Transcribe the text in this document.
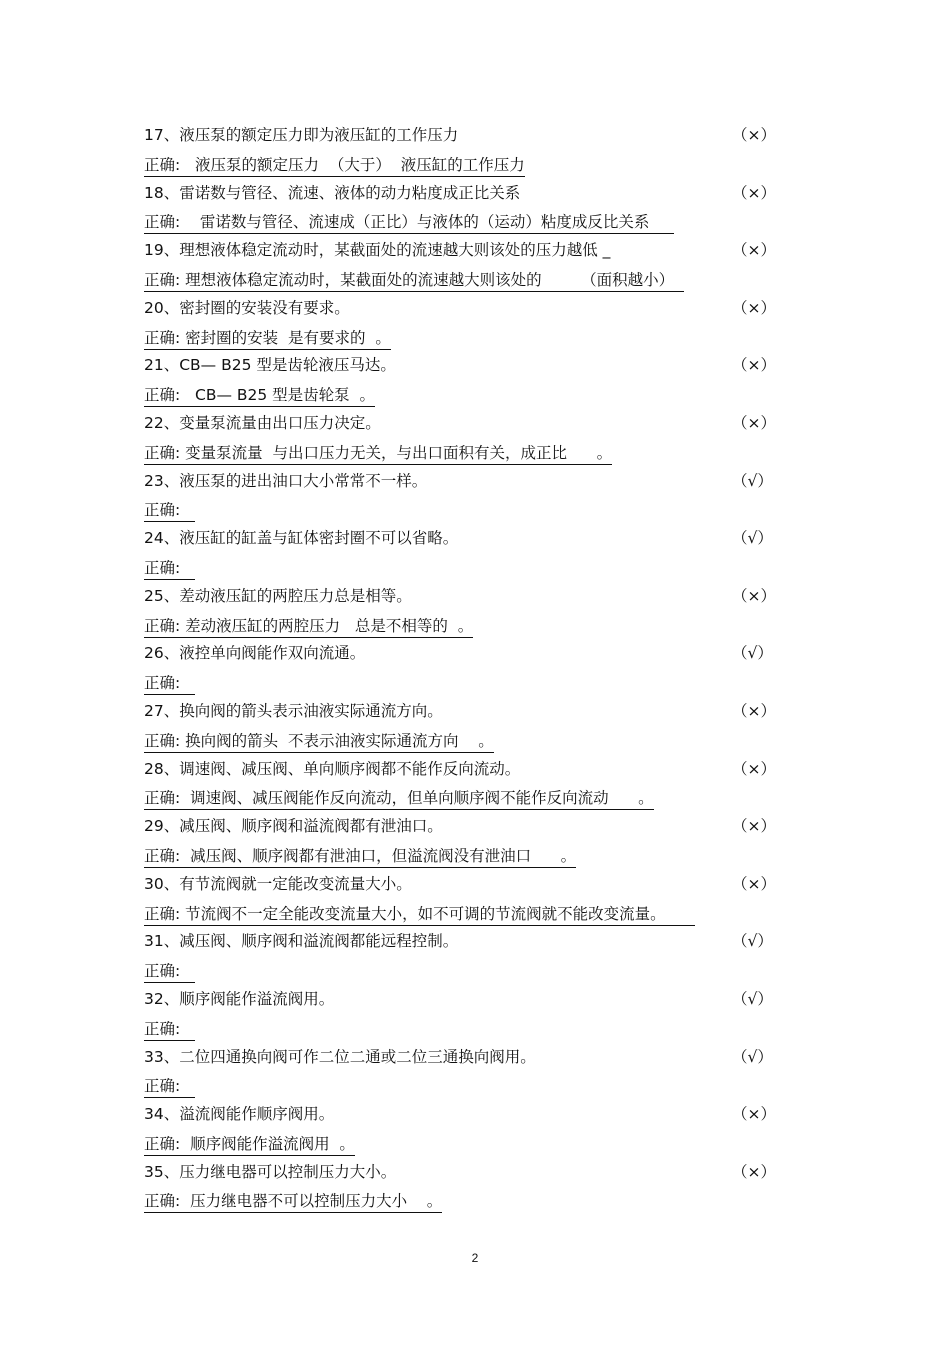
17、液压泵的额定压力即为液压缸的工作压力	（×）
正确:   液压泵的额定压力  （大于）  液压缸的工作压力
18、雷诺数与管径、流速、液体的动力粘度成正比关系	（×）
正确:    雷诺数与管径、流速成（正比）与液体的（运动）粘度成反比关系
19、理想液体稳定流动时，某截面处的流速越大则该处的压力越低 _	（×）
正确: 理想液体稳定流动时，某截面处的流速越大则该处的        （面积越小）
20、密封圈的安装没有要求。	（×）
正确: 密封圈的安装  是有要求的  。
21、CB— B25 型是齿轮液压马达。	（×）
正确:   CB— B25 型是齿轮泵  。
22、变量泵流量由出口压力决定。	（×）
正确: 变量泵流量  与出口压力无关，与出口面积有关，成正比      。
23、液压泵的进出油口大小常常不一样。	（√）
正确:
24、液压缸的缸盖与缸体密封圈不可以省略。	（√）
正确:
25、差动液压缸的两腔压力总是相等。	（×）
正确: 差动液压缸的两腔压力   总是不相等的  。
26、液控单向阀能作双向流通。	（√）
正确:
27、换向阀的箭头表示油液实际通流方向。	（×）
正确: 换向阀的箭头  不表示油液实际通流方向    。
28、调速阀、减压阀、单向顺序阀都不能作反向流动。	（×）
正确:  调速阀、减压阀能作反向流动，但单向顺序阀不能作反向流动      。
29、减压阀、顺序阀和溢流阀都有泄油口。	（×）
正确:  减压阀、顺序阀都有泄油口，但溢流阀没有泄油口      。
30、有节流阀就一定能改变流量大小。	（×）
正确: 节流阀不一定全能改变流量大小，如不可调的节流阀就不能改变流量。
31、减压阀、顺序阀和溢流阀都能远程控制。	（√）
正确:
32、顺序阀能作溢流阀用。	（√）
正确:
33、二位四通换向阀可作二位二通或二位三通换向阀用。	（√）
正确:
34、溢流阀能作顺序阀用。	（×）
正确:  顺序阀能作溢流阀用  。
35、压力继电器可以控制压力大小。	（×）
正确:  压力继电器不可以控制压力大小    。
2
